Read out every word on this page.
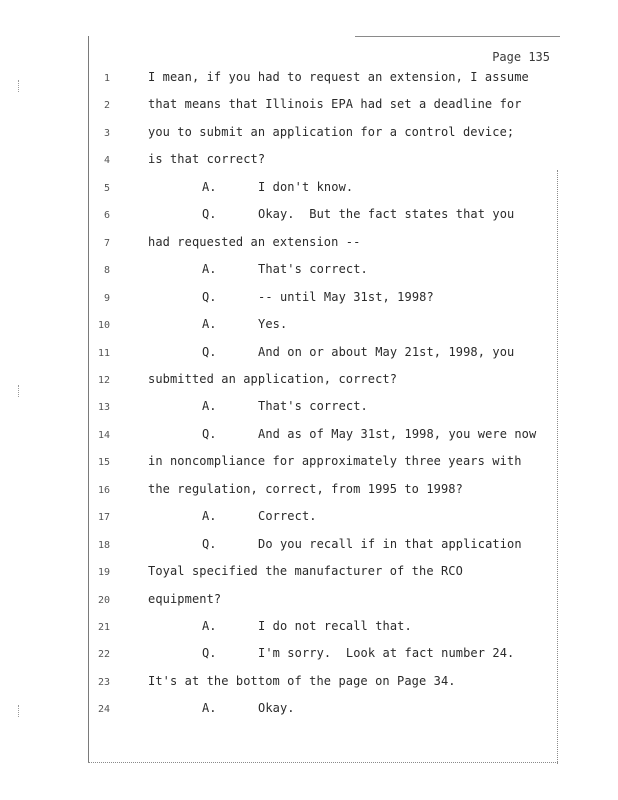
Page 135
1	I mean, if you had to request an extension, I assume
2	that means that Illinois EPA had set a deadline for
3	you to submit an application for a control device;
4	is that correct?
5	A.	I don't know.
6	Q.	Okay.  But the fact states that you
7	had requested an extension --
8	A.	That's correct.
9	Q.	-- until May 31st, 1998?
10	A.	Yes.
11	Q.	And on or about May 21st, 1998, you
12	submitted an application, correct?
13	A.	That's correct.
14	Q.	And as of May 31st, 1998, you were now
15	in noncompliance for approximately three years with
16	the regulation, correct, from 1995 to 1998?
17	A.	Correct.
18	Q.	Do you recall if in that application
19	Toyal specified the manufacturer of the RCO
20	equipment?
21	A.	I do not recall that.
22	Q.	I'm sorry.  Look at fact number 24.
23	It's at the bottom of the page on Page 34.
24	A.	Okay.
